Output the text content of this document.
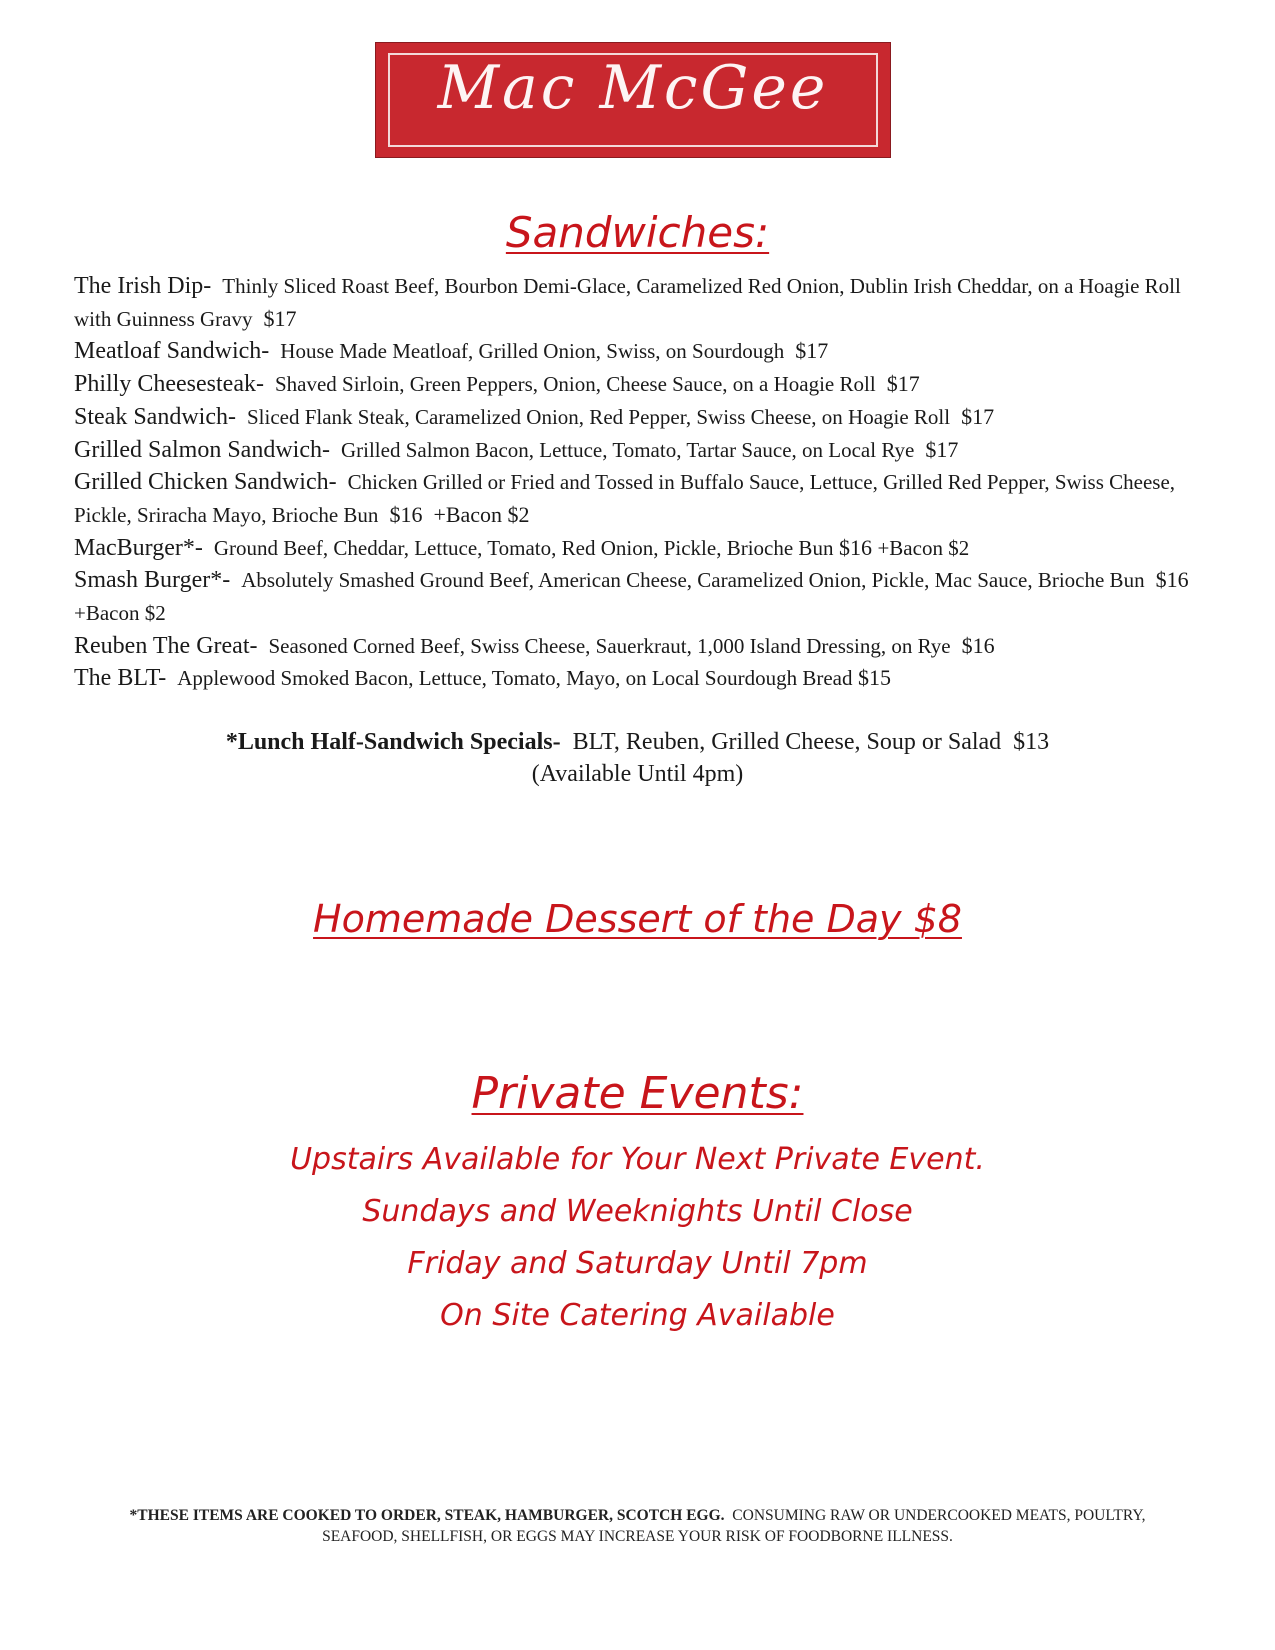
Mac McGee
Sandwiches:

The Irish Dip- Thinly Sliced Roast Beef, Bourbon Demi-Glace, Caramelized Red Onion, Dublin Irish Cheddar, on a Hoagie Roll with Guinness Gravy $17

Meatloaf Sandwich- House Made Meatloaf, Grilled Onion, Swiss, on Sourdough $17

Philly Cheesesteak- Shaved Sirloin, Green Peppers, Onion, Cheese Sauce, on a Hoagie Roll $17

Steak Sandwich- Sliced Flank Steak, Caramelized Onion, Red Pepper, Swiss Cheese, on Hoagie Roll $17

Grilled Salmon Sandwich- Grilled Salmon Bacon, Lettuce, Tomato, Tartar Sauce, on Local Rye $17

Grilled Chicken Sandwich- Chicken Grilled or Fried and Tossed in Buffalo Sauce, Lettuce, Grilled Red Pepper, Swiss Cheese, Pickle, Sriracha Mayo, Brioche Bun $16 +Bacon $2

MacBurger*- Ground Beef, Cheddar, Lettuce, Tomato, Red Onion, Pickle, Brioche Bun $16 +Bacon $2

Smash Burger*- Absolutely Smashed Ground Beef, American Cheese, Caramelized Onion, Pickle, Mac Sauce, Brioche Bun $16 +Bacon $2

Reuben The Great- Seasoned Corned Beef, Swiss Cheese, Sauerkraut, 1,000 Island Dressing, on Rye $16

The BLT- Applewood Smoked Bacon, Lettuce, Tomato, Mayo, on Local Sourdough Bread $15

*Lunch Half-Sandwich Specials- BLT, Reuben, Grilled Cheese, Soup or Salad $13
(Available Until 4pm)
Homemade Dessert of the Day $8
Private Events:
Upstairs Available for Your Next Private Event.
Sundays and Weeknights Until Close
Friday and Saturday Until 7pm
On Site Catering Available
*THESE ITEMS ARE COOKED TO ORDER, STEAK, HAMBURGER, SCOTCH EGG. CONSUMING RAW OR UNDERCOOKED MEATS, POULTRY, SEAFOOD, SHELLFISH, OR EGGS MAY INCREASE YOUR RISK OF FOODBORNE ILLNESS.
